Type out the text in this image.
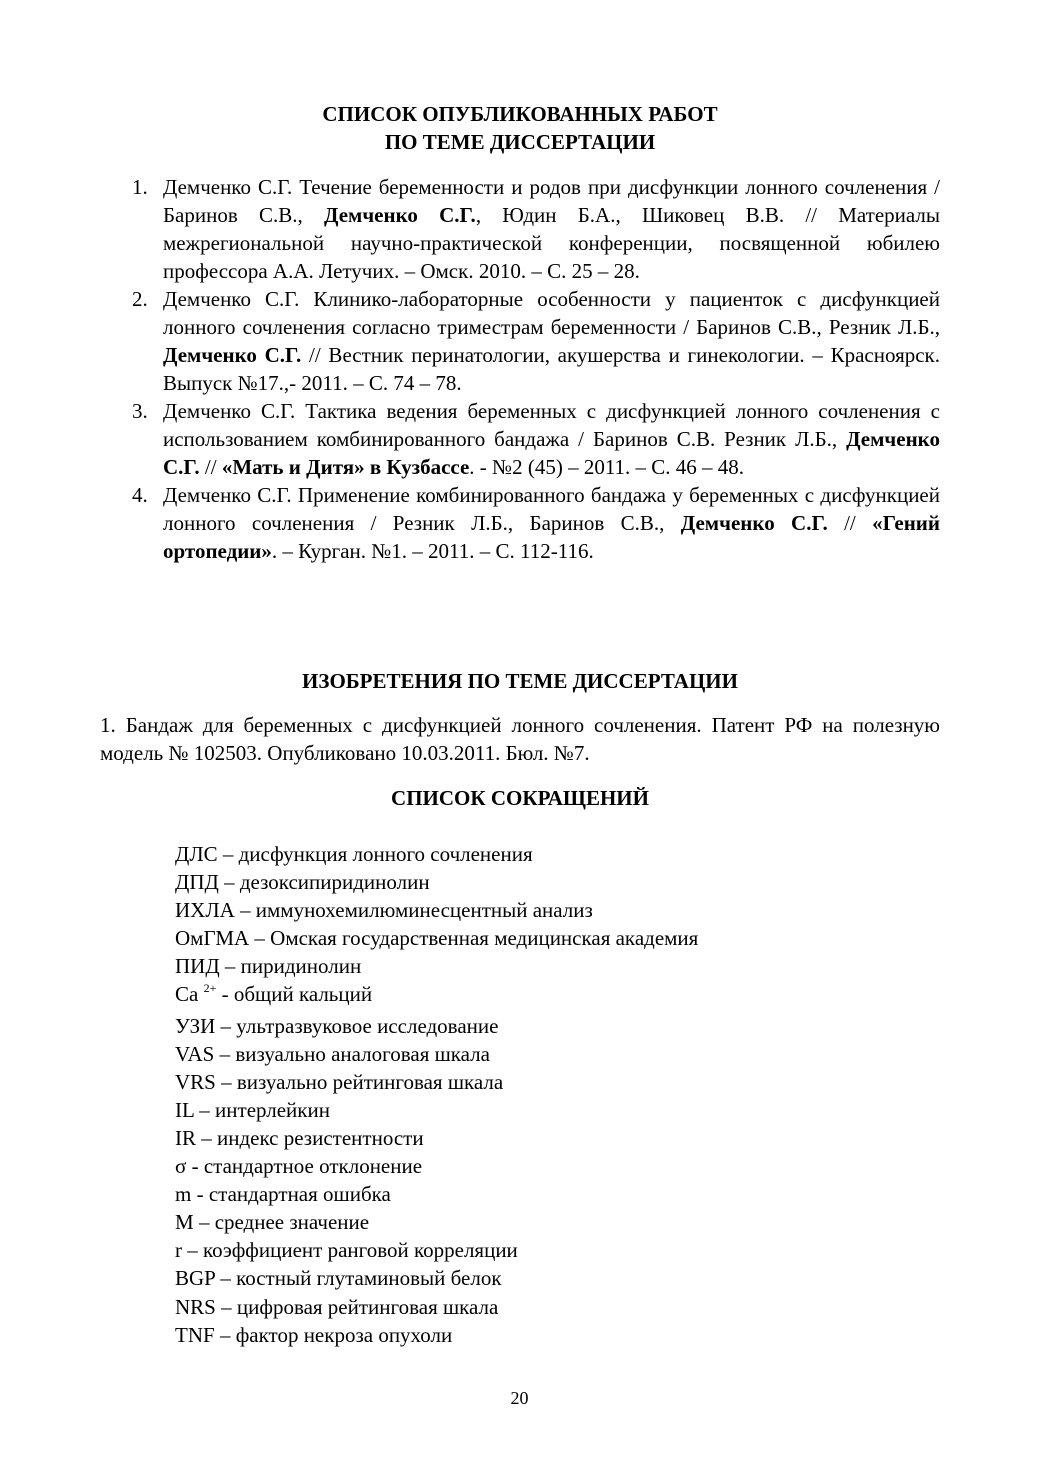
СПИСОК ОПУБЛИКОВАННЫХ РАБОТ
ПО ТЕМЕ ДИССЕРТАЦИИ
1. Демченко С.Г. Течение беременности и родов при дисфункции лонного сочленения / Баринов С.В., Демченко С.Г., Юдин Б.А., Шиковец В.В. // Материалы межрегиональной научно-практической конференции, посвященной юбилею профессора А.А. Летучих. – Омск. 2010. – С. 25 – 28.
2. Демченко С.Г. Клинико-лабораторные особенности у пациенток с дисфункцией лонного сочленения согласно триместрам беременности / Баринов С.В., Резник Л.Б., Демченко С.Г. // Вестник перинатологии, акушерства и гинекологии. – Красноярск. Выпуск №17.,- 2011. – С. 74 – 78.
3. Демченко С.Г. Тактика ведения беременных с дисфункцией лонного сочленения с использованием комбинированного бандажа / Баринов С.В. Резник Л.Б., Демченко С.Г. // «Мать и Дитя» в Кузбассе. - №2 (45) – 2011. – С. 46 – 48.
4. Демченко С.Г. Применение комбинированного бандажа у беременных с дисфункцией лонного сочленения / Резник Л.Б., Баринов С.В., Демченко С.Г. // «Гений ортопедии». – Курган. №1. – 2011. – С. 112-116.
ИЗОБРЕТЕНИЯ ПО ТЕМЕ ДИССЕРТАЦИИ
1. Бандаж для беременных с дисфункцией лонного сочленения. Патент РФ на полезную модель № 102503. Опубликовано 10.03.2011. Бюл. №7.
СПИСОК СОКРАЩЕНИЙ
ДЛС – дисфункция лонного сочленения
ДПД – дезоксипиридинолин
ИХЛА – иммунохемилюминесцентный анализ
ОмГМА – Омская государственная медицинская академия
ПИД – пиридинолин
Ca $^{2+}$ - общий кальций
УЗИ – ультразвуковое исследование
VAS – визуально аналоговая шкала
VRS – визуально рейтинговая шкала
IL – интерлейкин
IR – индекс резистентности
σ - стандартное отклонение
m - стандартная ошибка
M – среднее значение
r – коэффициент ранговой корреляции
BGP – костный глутаминовый белок
NRS – цифровая рейтинговая шкала
TNF – фактор некроза опухоли
20
